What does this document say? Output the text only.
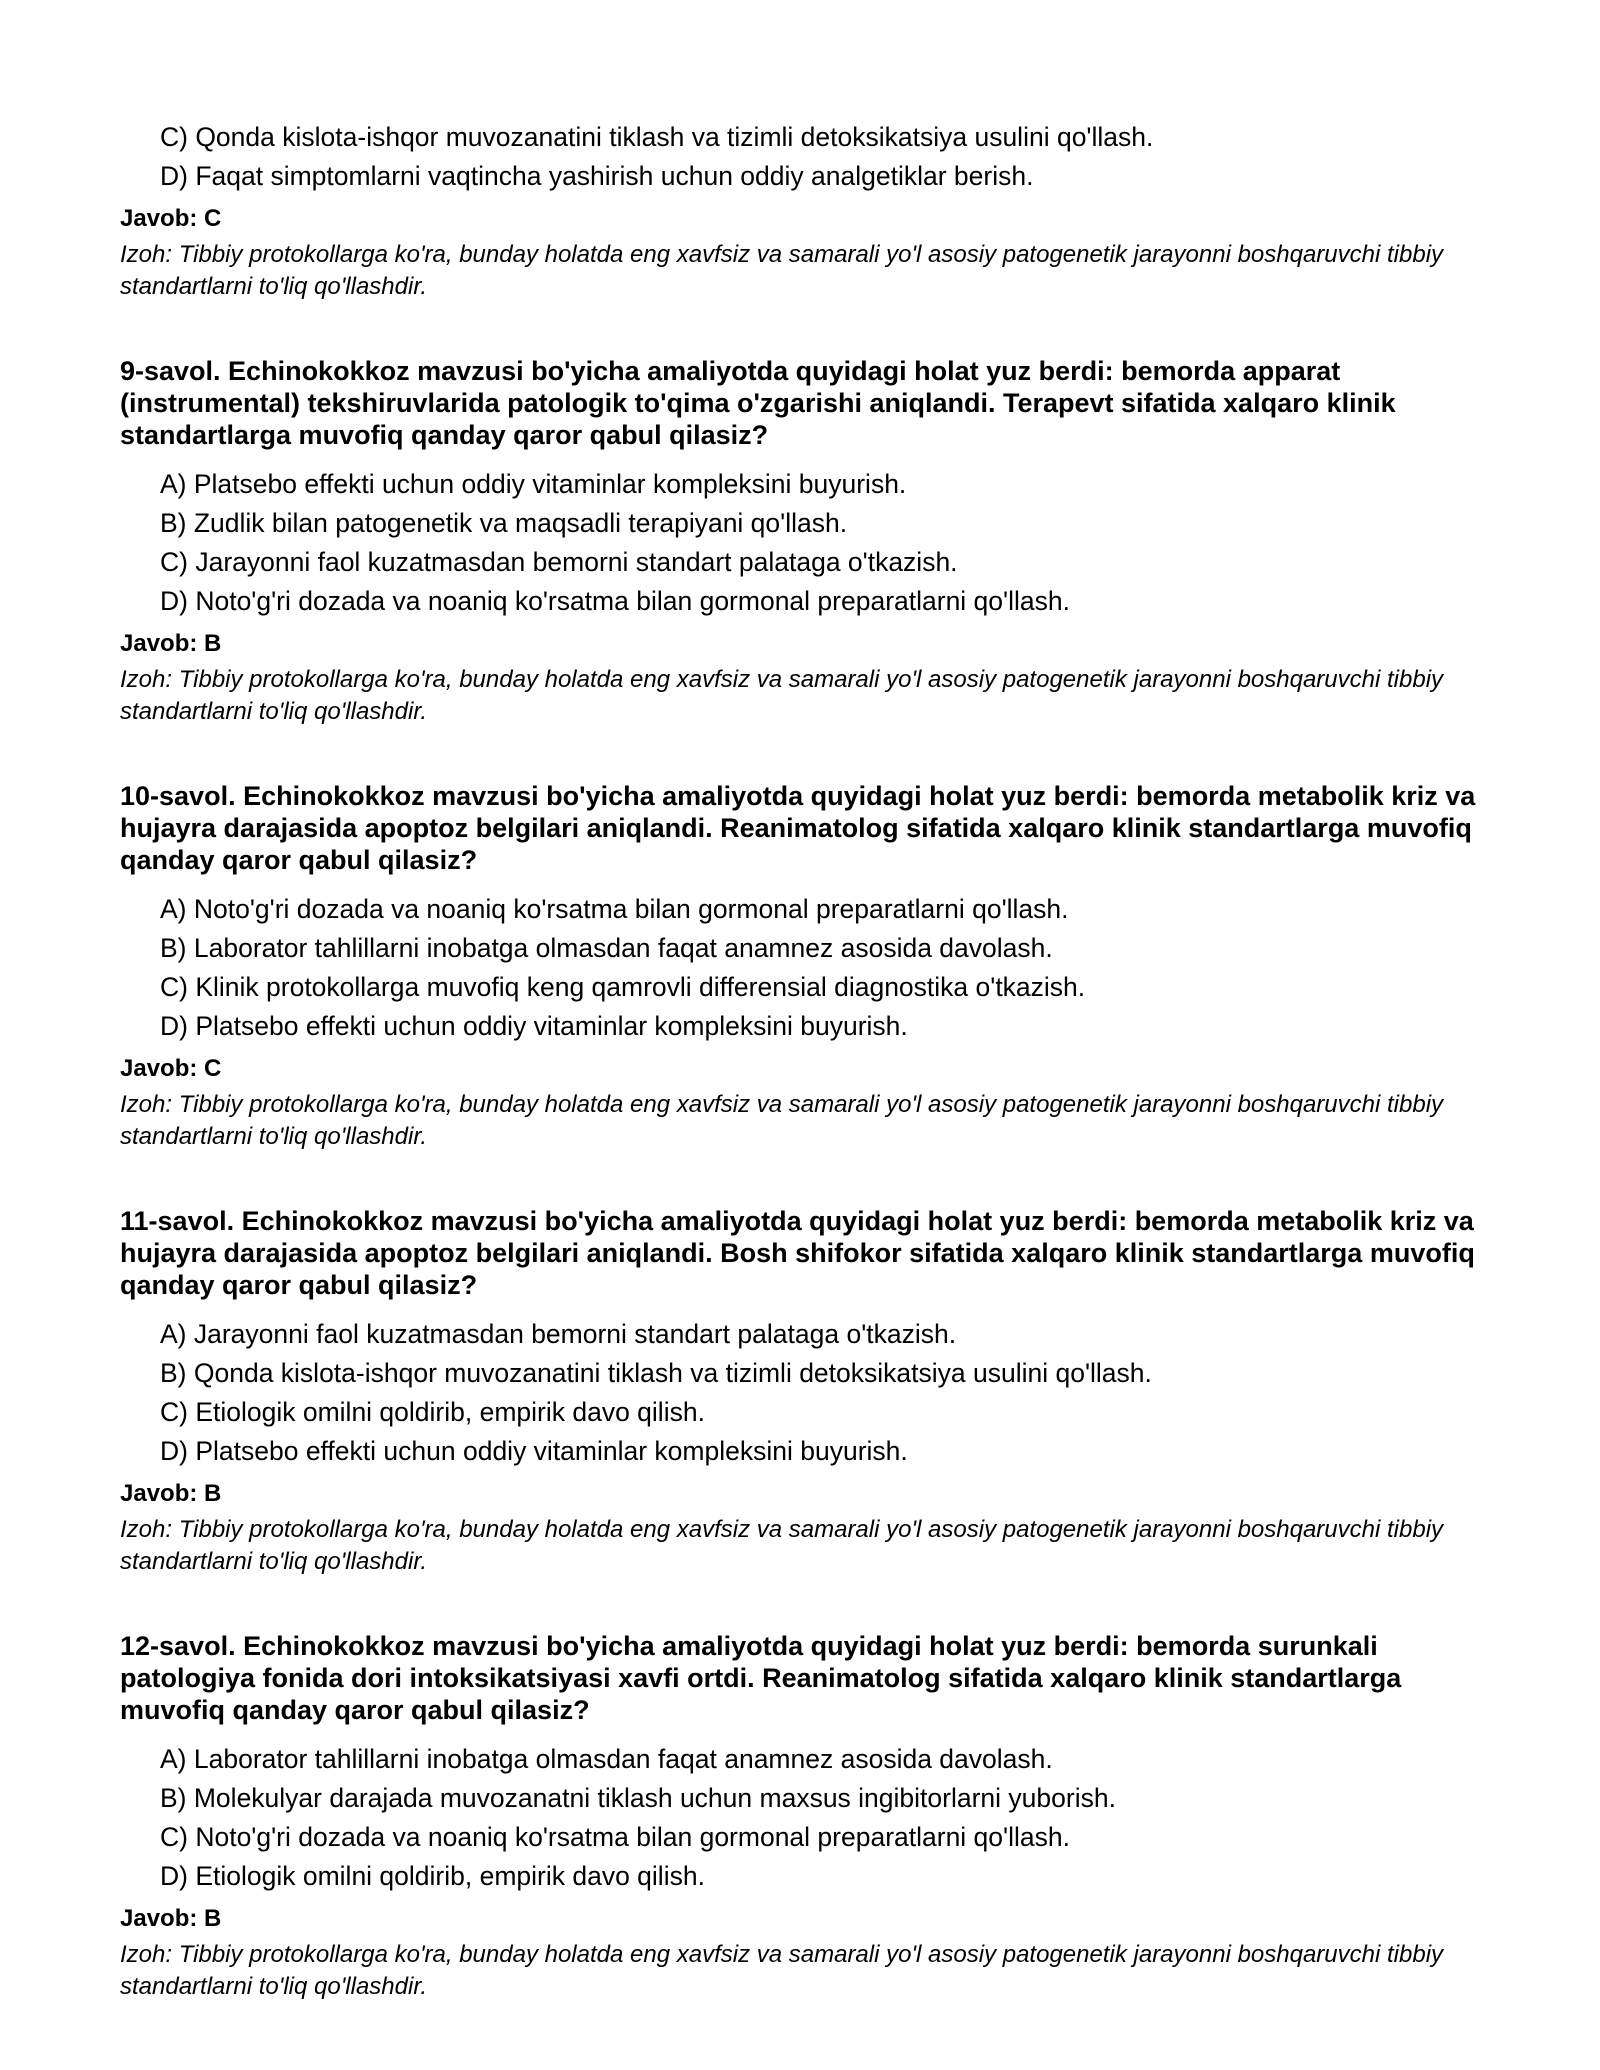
C) Qonda kislota-ishqor muvozanatini tiklash va tizimli detoksikatsiya usulini qo'llash.
D) Faqat simptomlarni vaqtincha yashirish uchun oddiy analgetiklar berish.
Javob: C
Izoh: Tibbiy protokollarga ko'ra, bunday holatda eng xavfsiz va samarali yo'l asosiy patogenetik jarayonni boshqaruvchi tibbiy standartlarni to'liq qo'llashdir.
9-savol. Echinokokkoz mavzusi bo'yicha amaliyotda quyidagi holat yuz berdi: bemorda apparat (instrumental) tekshiruvlarida patologik to'qima o'zgarishi aniqlandi. Terapevt sifatida xalqaro klinik standartlarga muvofiq qanday qaror qabul qilasiz?
A) Platsebo effekti uchun oddiy vitaminlar kompleksini buyurish.
B) Zudlik bilan patogenetik va maqsadli terapiyani qo'llash.
C) Jarayonni faol kuzatmasdan bemorni standart palataga o'tkazish.
D) Noto'g'ri dozada va noaniq ko'rsatma bilan gormonal preparatlarni qo'llash.
Javob: B
Izoh: Tibbiy protokollarga ko'ra, bunday holatda eng xavfsiz va samarali yo'l asosiy patogenetik jarayonni boshqaruvchi tibbiy standartlarni to'liq qo'llashdir.
10-savol. Echinokokkoz mavzusi bo'yicha amaliyotda quyidagi holat yuz berdi: bemorda metabolik kriz va hujayra darajasida apoptoz belgilari aniqlandi. Reanimatolog sifatida xalqaro klinik standartlarga muvofiq qanday qaror qabul qilasiz?
A) Noto'g'ri dozada va noaniq ko'rsatma bilan gormonal preparatlarni qo'llash.
B) Laborator tahlillarni inobatga olmasdan faqat anamnez asosida davolash.
C) Klinik protokollarga muvofiq keng qamrovli differensial diagnostika o'tkazish.
D) Platsebo effekti uchun oddiy vitaminlar kompleksini buyurish.
Javob: C
Izoh: Tibbiy protokollarga ko'ra, bunday holatda eng xavfsiz va samarali yo'l asosiy patogenetik jarayonni boshqaruvchi tibbiy standartlarni to'liq qo'llashdir.
11-savol. Echinokokkoz mavzusi bo'yicha amaliyotda quyidagi holat yuz berdi: bemorda metabolik kriz va hujayra darajasida apoptoz belgilari aniqlandi. Bosh shifokor sifatida xalqaro klinik standartlarga muvofiq qanday qaror qabul qilasiz?
A) Jarayonni faol kuzatmasdan bemorni standart palataga o'tkazish.
B) Qonda kislota-ishqor muvozanatini tiklash va tizimli detoksikatsiya usulini qo'llash.
C) Etiologik omilni qoldirib, empirik davo qilish.
D) Platsebo effekti uchun oddiy vitaminlar kompleksini buyurish.
Javob: B
Izoh: Tibbiy protokollarga ko'ra, bunday holatda eng xavfsiz va samarali yo'l asosiy patogenetik jarayonni boshqaruvchi tibbiy standartlarni to'liq qo'llashdir.
12-savol. Echinokokkoz mavzusi bo'yicha amaliyotda quyidagi holat yuz berdi: bemorda surunkali patologiya fonida dori intoksikatsiyasi xavfi ortdi. Reanimatolog sifatida xalqaro klinik standartlarga muvofiq qanday qaror qabul qilasiz?
A) Laborator tahlillarni inobatga olmasdan faqat anamnez asosida davolash.
B) Molekulyar darajada muvozanatni tiklash uchun maxsus ingibitorlarni yuborish.
C) Noto'g'ri dozada va noaniq ko'rsatma bilan gormonal preparatlarni qo'llash.
D) Etiologik omilni qoldirib, empirik davo qilish.
Javob: B
Izoh: Tibbiy protokollarga ko'ra, bunday holatda eng xavfsiz va samarali yo'l asosiy patogenetik jarayonni boshqaruvchi tibbiy standartlarni to'liq qo'llashdir.
